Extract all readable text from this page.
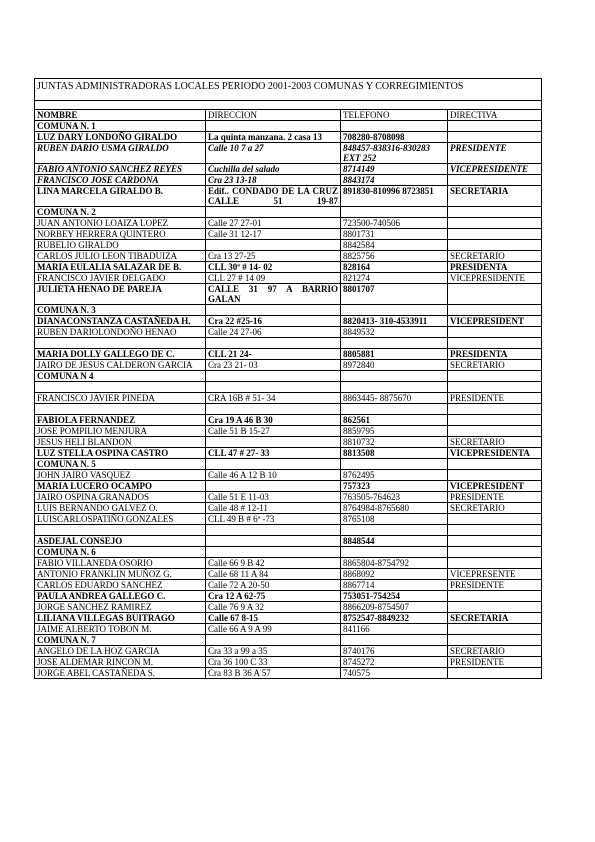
JUNTAS ADMINISTRADORAS LOCALES PERIODO 2001-2003 COMUNAS Y CORREGIMIENTOS			

NOMBRE	DIRECCION	TELEFONO	DIRECTIVA
COMUNA N. 1			
LUZ DARY LONDOÑO GIRALDO	La quinta manzana. 2 casa 13	708280-8708098	
RUBEN DARIO USMA GIRALDO	Calle 10 7 a 27	848457-838316-830283 EXT 252	PRESIDENTE
FABIO ANTONIO SANCHEZ REYES	Cuchilla del salado	8714149	VICEPRESIDENTE
FRANCISCO JOSE CARDONA	Cra 23 13-18	8843174	
LINA MARCELA GIRALDO B.	Edif.. CONDADO DE LA CRUZ CALLE 51 19-87	891830-810996 8723851	SECRETARIA
COMUNA N. 2			
JUAN ANTONIO LOAIZA LOPEZ	Calle 27 27-01	723500-740506	
NORBEY HERRERA QUINTERO	Calle 31 12-17	8801731	
RUBELIO GIRALDO		8842584	
CARLOS JULIO LEON TIBADUIZA	Cra 13 27-25	8825756	SECRETARIO
MARIA EULALIA SALAZAR DE B.	CLL 30ª # 14- 02	828164	PRESIDENTA
FRANCISCO JAVIER DELGADO	CLL 27 # 14 09	821274	VICEPRESIDENTE
JULIETA HENAO DE PAREJA	CALLE 31 97 A BARRIO GALAN	8801707	
COMUNA N. 3			
DIANACONSTANZA CASTAÑEDA H.	Cra 22 #25-16	8820413- 310-4533911	VICEPRESIDENT
RUBEN DARIOLONDOÑO HENAO	Calle 24 27-06	8849532	

MARIA DOLLY GALLEGO DE C.	CLL 21 24-	8805881	PRESIDENTA
JAIRO DE JESUS CALDERON GARCIA	Cra 23 21- 03	8972840	SECRETARIO
COMUNA N 4			

FRANCISCO JAVIER PINEDA	CRA 16B # 51- 34	8863445- 8875670	PRESIDENTE

FABIOLA FERNANDEZ	Cra 19 A 46 B 30	862561	
JOSE POMPILIO MENJURA	Calle 51 B 15-27	8859795	
JESUS HELI BLANDON		8810732	SECRETARIO
LUZ STELLA OSPINA CASTRO	CLL 47 # 27- 33	8813508	VICEPRESIDENTA
COMUNA N. 5			
JOHN JAIRO VASQUEZ	Calle 46 A 12 B 10	8762495	
MARIA LUCERO OCAMPO		757323	VICEPRESIDENT
JAIRO OSPINA GRANADOS	Calle 51 E 11-03	763505-764623	PRESIDENTE
LUIS BERNANDO GALVEZ O.	Calle 48 # 12-11	8764984-8765680	SECRETARIO
LUISCARLOSPATIÑO GONZALES	CLL 49 B # 6ª -73	8765108	

ASDEJAL CONSEJO		8848544	
COMUNA N. 6			
FABIO VILLANEDA OSORIO	Calle 66 9 B 42	8865804-8754792	
ANTONIO FRANKLIN MUÑOZ G.	Calle 68 11 A 84	8868092	VICEPRESENTE
CARLOS EDUARDO SANCHEZ	Calle 72 A 20-50	8867714	PRESIDENTE
PAULA ANDREA GALLEGO C.	Cra 12 A 62-75	753051-754254	
JORGE SANCHEZ RAMIREZ	Calle 76 9 A 32	8866209-8754507	
LILIANA VILLEGAS BUITRAGO	Calle 67 8-15	8752547-8849232	SECRETARIA
JAIME ALBERTO TOBON M.	Calle 66 A 9 A 99	841166	
COMUNA N. 7			
ANGELO DE LA HOZ GARCIA	Cra 33 a 99 a 35	8740176	SECRETARIO
JOSE ALDEMAR RINCON M.	Cra 36 100 C 33	8745272	PRESIDENTE
JORGE ABEL CASTAÑEDA S.	Cra 83 B 36 A 57	740575	
